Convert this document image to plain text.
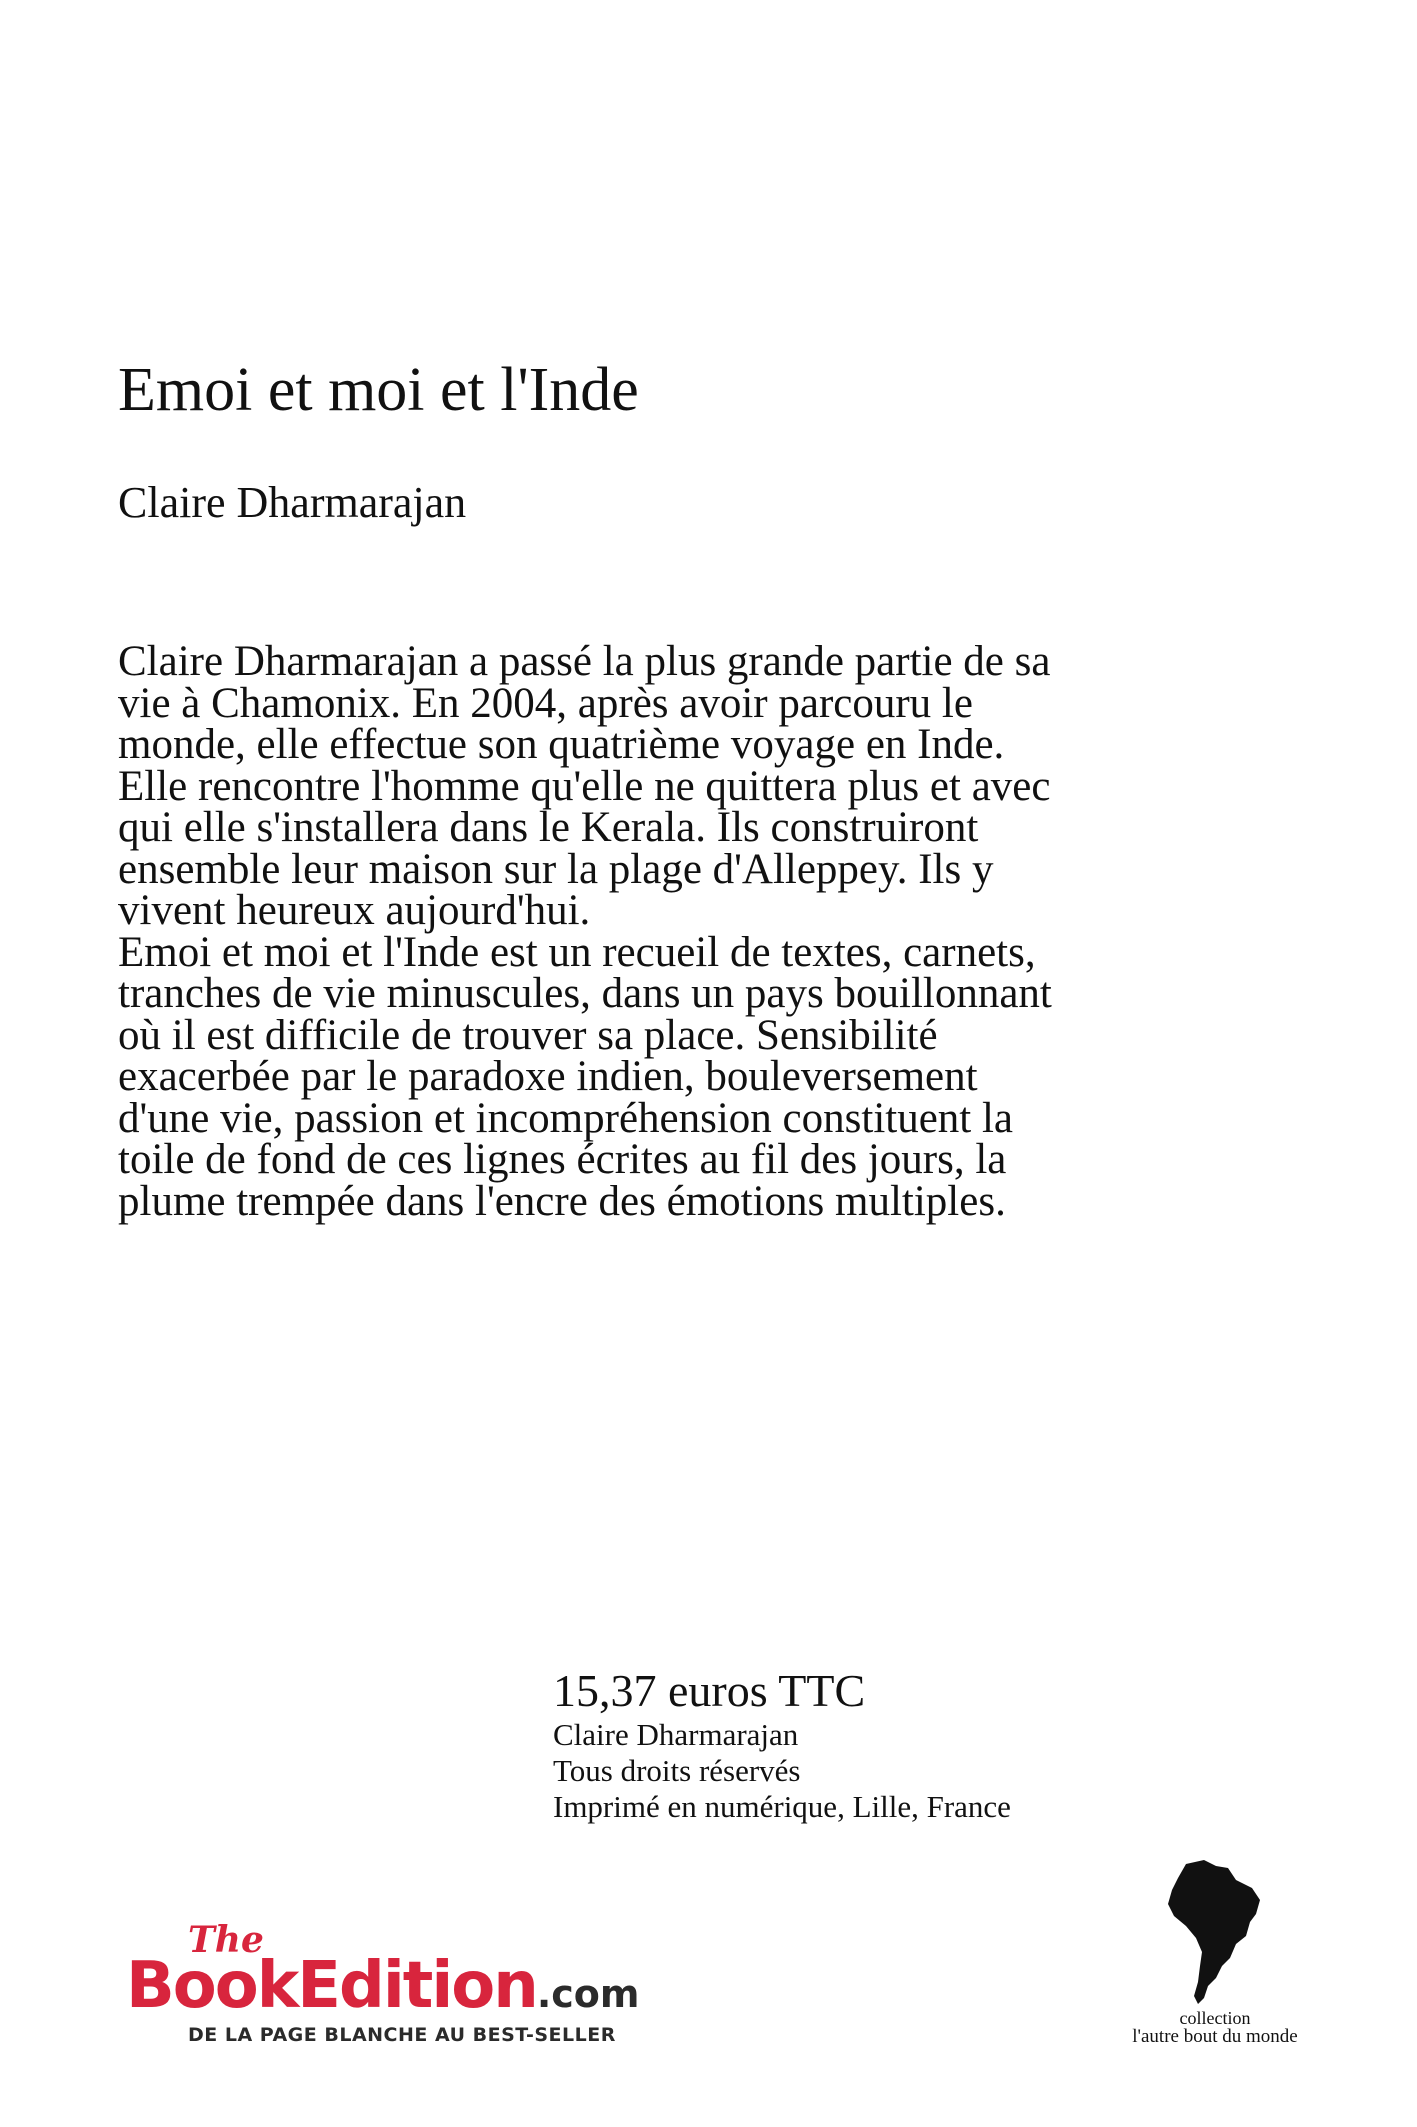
Emoi et moi et l'Inde
Claire Dharmarajan

Claire Dharmarajan a passé la plus grande partie de sa vie à Chamonix. En 2004, après avoir parcouru le monde, elle effectue son quatrième voyage en Inde. Elle rencontre l'homme qu'elle ne quittera plus et avec qui elle s'installera dans le Kerala. Ils construiront ensemble leur maison sur la plage d'Alleppey. Ils y vivent heureux aujourd'hui.

Emoi et moi et l'Inde est un recueil de textes, carnets, tranches de vie minuscules, dans un pays bouillonnant où il est difficile de trouver sa place. Sensibilité exacerbée par le paradoxe indien, bouleversement d'une vie, passion et incompréhension constituent la toile de fond de ces lignes écrites au fil des jours, la plume trempée dans l'encre des émotions multiples.

15,37 euros TTC
Claire Dharmarajan
Tous droits réservés
Imprimé en numérique, Lille, France
The
BookEdition.com
DE LA PAGE BLANCHE AU BEST-SELLER
collection
l'autre bout du monde
